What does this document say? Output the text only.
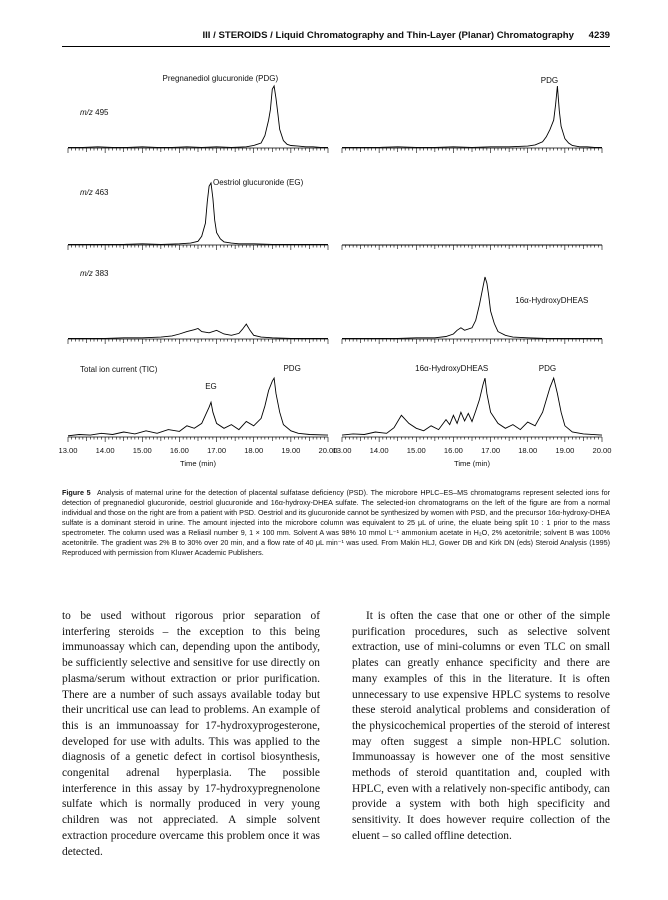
III / STEROIDS / Liquid Chromatography and Thin-Layer (Planar) Chromatography 4239
m/z 495
Pregnanediol glucuronide (PDG)	PDG
m/z 463
Oestriol glucuronide (EG)
m/z 383
16α-HydroxyDHEAS
Total ion current (TIC)
EG
PDG	16α-HydroxyDHEAS	PDG
13.00 14.00 15.00 16.00 17.00 18.00 19.00 20.00
Time (min)
13.00 14.00 15.00 16.00 17.00 18.00 19.00 20.00
Time (min)
Figure 5 Analysis of maternal urine for the detection of placental sulfatase deficiency (PSD). The microbore HPLC–ES–MS chromatograms represent selected ions for detection of pregnanediol glucuronide, oestriol glucuronide and 16α-hydroxy-DHEA sulfate. The selected-ion chromatograms on the left of the figure are from a normal individual and those on the right are from a patient with PSD. Oestriol and its glucuronide cannot be synthesized by women with PSD, and the precursor 16α-hydroxy-DHEA sulfate is a dominant steroid in urine. The amount injected into the microbore column was equivalent to 25 μL of urine, the eluate being split 10 : 1 prior to the mass spectrometer. The column used was a Reliasil number 9, 1 × 100 mm. Solvent A was 98% 10 mmol L⁻¹ ammonium acetate in H₂O, 2% acetonitrile; solvent B was 100% acetonitrile. The gradient was 2% B to 30% over 20 min, and a flow rate of 40 μL min⁻¹ was used. From Makin HLJ, Gower DB and Kirk DN (eds) Steroid Analysis (1995) Reproduced with permission from Kluwer Academic Publishers.

to be used without rigorous prior separation of interfering steroids – the exception to this being immunoassay which can, depending upon the antibody, be sufficiently selective and sensitive for use directly on plasma/serum without extraction or prior purification. There are a number of such assays available today but their uncritical use can lead to problems. An example of this is an immunoassay for 17-hydroxyprogesterone, developed for use with adults. This was applied to the diagnosis of a genetic defect in cortisol biosynthesis, congenital adrenal hyperplasia. The possible interference in this assay by 17-hydroxypregnenolone sulfate which is normally produced in very young children was not appreciated. A simple solvent extraction procedure overcame this problem once it was detected.

It is often the case that one or other of the simple purification procedures, such as selective solvent extraction, use of mini-columns or even TLC on small plates can greatly enhance specificity and there are many examples of this in the literature. It is often unnecessary to use expensive HPLC systems to resolve these steroid analytical problems and consideration of the physicochemical properties of the steroid of interest may often suggest a simple non-HPLC solution. Immunoassay is however one of the most sensitive methods of steroid quantitation and, coupled with HPLC, even with a relatively non-specific antibody, can provide a system with both high specificity and sensitivity. It does however require collection of the eluent – so called offline detection.
